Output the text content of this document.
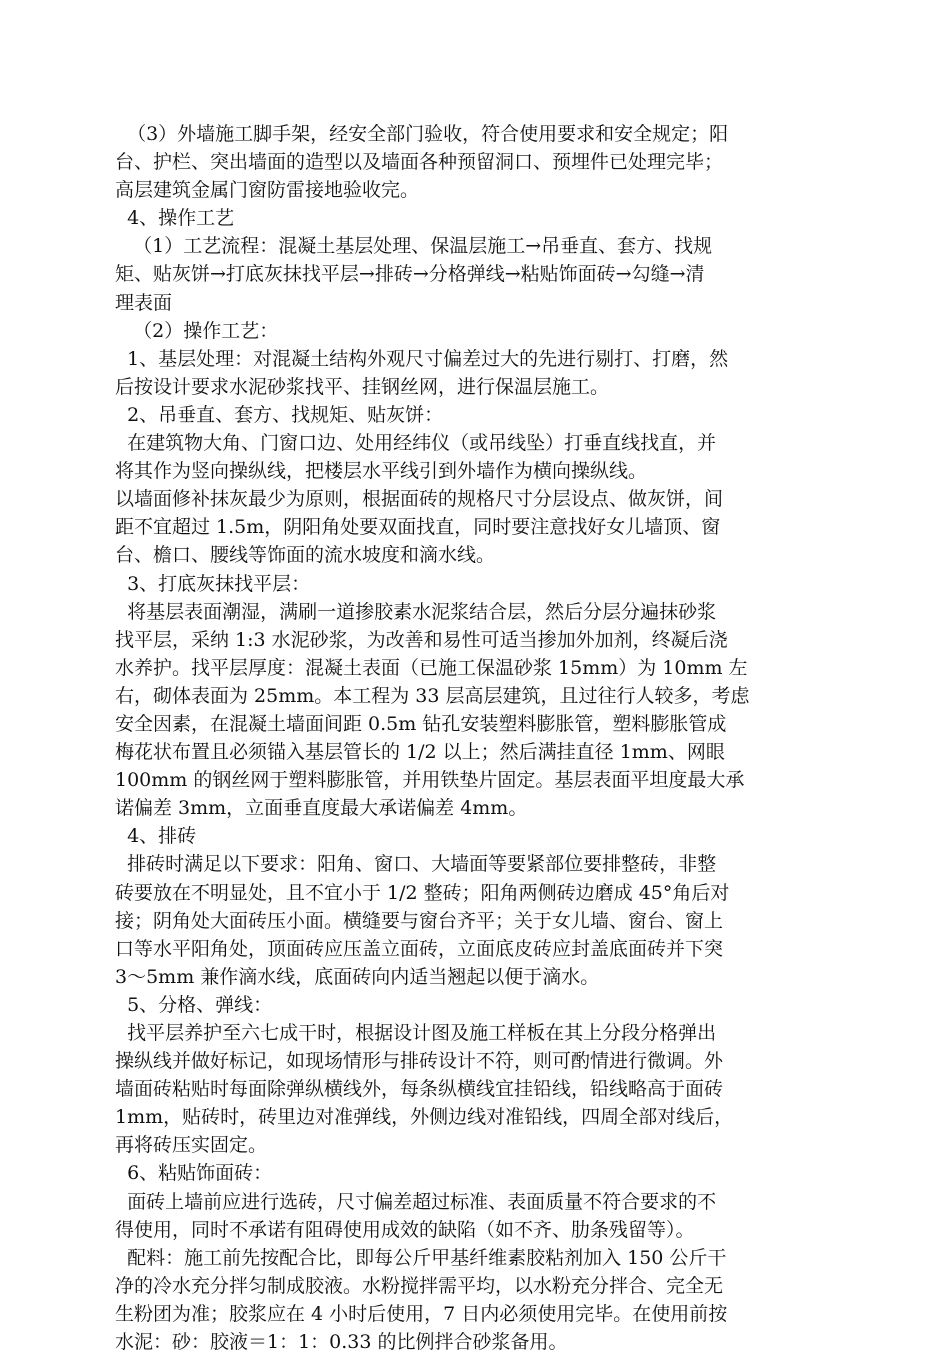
（3）外墙施工脚手架，经安全部门验收，符合使用要求和安全规定；阳
台、护栏、突出墙面的造型以及墙面各种预留洞口、预埋件已处理完毕；
高层建筑金属门窗防雷接地验收完。
4、操作工艺
（1）工艺流程：混凝土基层处理、保温层施工→吊垂直、套方、找规
矩、贴灰饼→打底灰抹找平层→排砖→分格弹线→粘贴饰面砖→勾缝→清
理表面
（2）操作工艺：
1、基层处理：对混凝土结构外观尺寸偏差过大的先进行剔打、打磨，然
后按设计要求水泥砂浆找平、挂钢丝网，进行保温层施工。
2、吊垂直、套方、找规矩、贴灰饼：
在建筑物大角、门窗口边、处用经纬仪（或吊线坠）打垂直线找直，并
将其作为竖向操纵线，把楼层水平线引到外墙作为横向操纵线。
以墙面修补抹灰最少为原则，根据面砖的规格尺寸分层设点、做灰饼，间
距不宜超过 1.5m，阴阳角处要双面找直，同时要注意找好女儿墙顶、窗
台、檐口、腰线等饰面的流水坡度和滴水线。
3、打底灰抹找平层：
将基层表面潮湿，满刷一道掺胶素水泥浆结合层，然后分层分遍抹砂浆
找平层，采纳 1:3 水泥砂浆，为改善和易性可适当掺加外加剂，终凝后浇
水养护。找平层厚度：混凝土表面（已施工保温砂浆 15mm）为 10mm 左
右，砌体表面为 25mm。本工程为 33 层高层建筑，且过往行人较多，考虑
安全因素，在混凝土墙面间距 0.5m 钻孔安装塑料膨胀管，塑料膨胀管成
梅花状布置且必须锚入基层管长的 1/2 以上；然后满挂直径 1mm、网眼
100mm 的钢丝网于塑料膨胀管，并用铁垫片固定。基层表面平坦度最大承
诺偏差 3mm，立面垂直度最大承诺偏差 4mm。
4、排砖
排砖时满足以下要求：阳角、窗口、大墙面等要紧部位要排整砖，非整
砖要放在不明显处，且不宜小于 1/2 整砖；阳角两侧砖边磨成 45°角后对
接；阴角处大面砖压小面。横缝要与窗台齐平；关于女儿墙、窗台、窗上
口等水平阳角处，顶面砖应压盖立面砖，立面底皮砖应封盖底面砖并下突
3～5mm 兼作滴水线，底面砖向内适当翘起以便于滴水。
5、分格、弹线：
找平层养护至六七成干时，根据设计图及施工样板在其上分段分格弹出
操纵线并做好标记，如现场情形与排砖设计不符，则可酌情进行微调。外
墙面砖粘贴时每面除弹纵横线外，每条纵横线宜挂铅线，铅线略高于面砖
1mm，贴砖时，砖里边对准弹线，外侧边线对准铅线，四周全部对线后，
再将砖压实固定。
6、粘贴饰面砖：
面砖上墙前应进行选砖，尺寸偏差超过标准、表面质量不符合要求的不
得使用，同时不承诺有阻碍使用成效的缺陷（如不齐、肋条残留等）。
配料：施工前先按配合比，即每公斤甲基纤维素胶粘剂加入 150 公斤干
净的冷水充分拌匀制成胶液。水粉搅拌需平均，以水粉充分拌合、完全无
生粉团为准；胶浆应在 4 小时后使用，7 日内必须使用完毕。在使用前按
水泥：砂：胶液＝1：1：0.33 的比例拌合砂浆备用。
